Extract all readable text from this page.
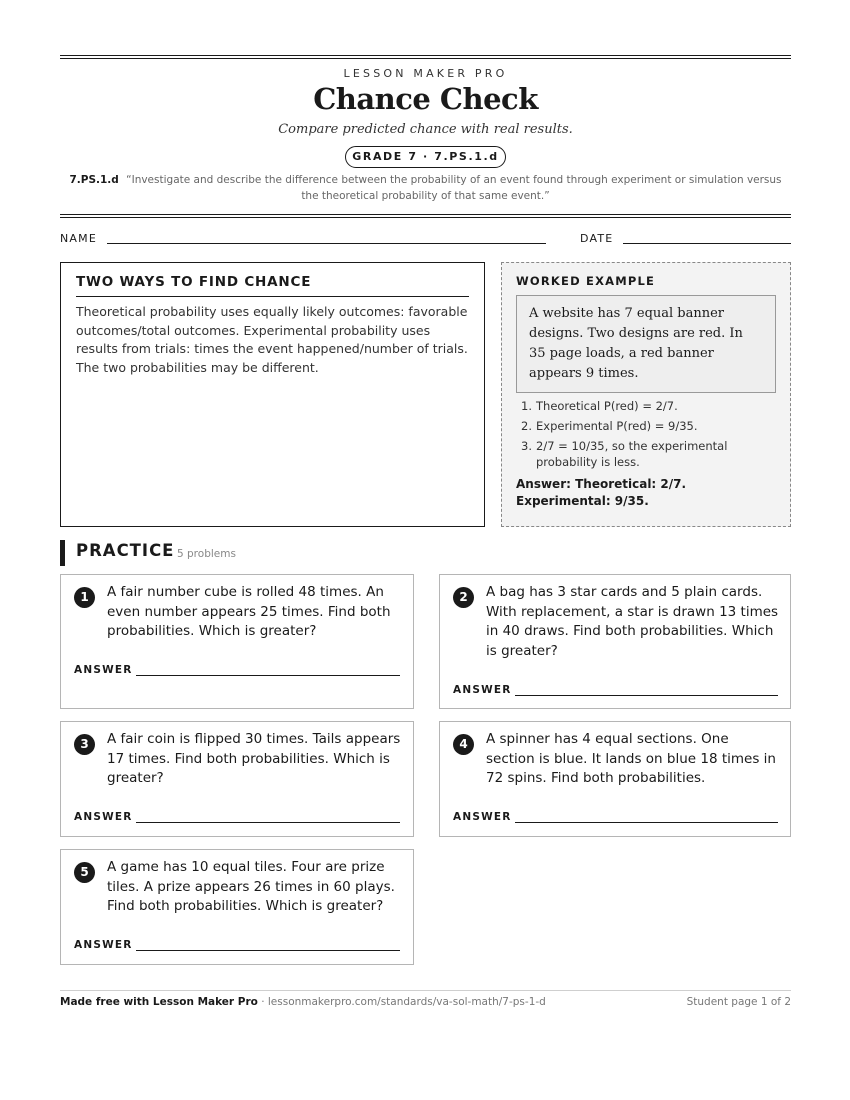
LESSON MAKER PRO
Chance Check
Compare predicted chance with real results.
GRADE 7 · 7.PS.1.d
7.PS.1.d “Investigate and describe the difference between the probability of an event found through experiment or simulation versus the theoretical probability of that same event.”
NAME	DATE
TWO WAYS TO FIND CHANCE
Theoretical probability uses equally likely outcomes: favorable outcomes/total outcomes. Experimental probability uses results from trials: times the event happened/number of trials. The two probabilities may be different.
WORKED EXAMPLE
A website has 7 equal banner designs. Two designs are red. In 35 page loads, a red banner appears 9 times.
1. Theoretical P(red) = 2/7.
2. Experimental P(red) = 9/35.
3. 2/7 = 10/35, so the experimental probability is less.
Answer: Theoretical: 2/7. Experimental: 9/35.
PRACTICE 5 problems
1	A fair number cube is rolled 48 times. An even number appears 25 times. Find both probabilities. Which is greater?
ANSWER
2	A bag has 3 star cards and 5 plain cards. With replacement, a star is drawn 13 times in 40 draws. Find both probabilities. Which is greater?
ANSWER
3	A fair coin is flipped 30 times. Tails appears 17 times. Find both probabilities. Which is greater?
ANSWER
4	A spinner has 4 equal sections. One section is blue. It lands on blue 18 times in 72 spins. Find both probabilities.
ANSWER
5	A game has 10 equal tiles. Four are prize tiles. A prize appears 26 times in 60 plays. Find both probabilities. Which is greater?
ANSWER
Made free with Lesson Maker Pro · lessonmakerpro.com/standards/va-sol-math/7-ps-1-d	Student page 1 of 2
